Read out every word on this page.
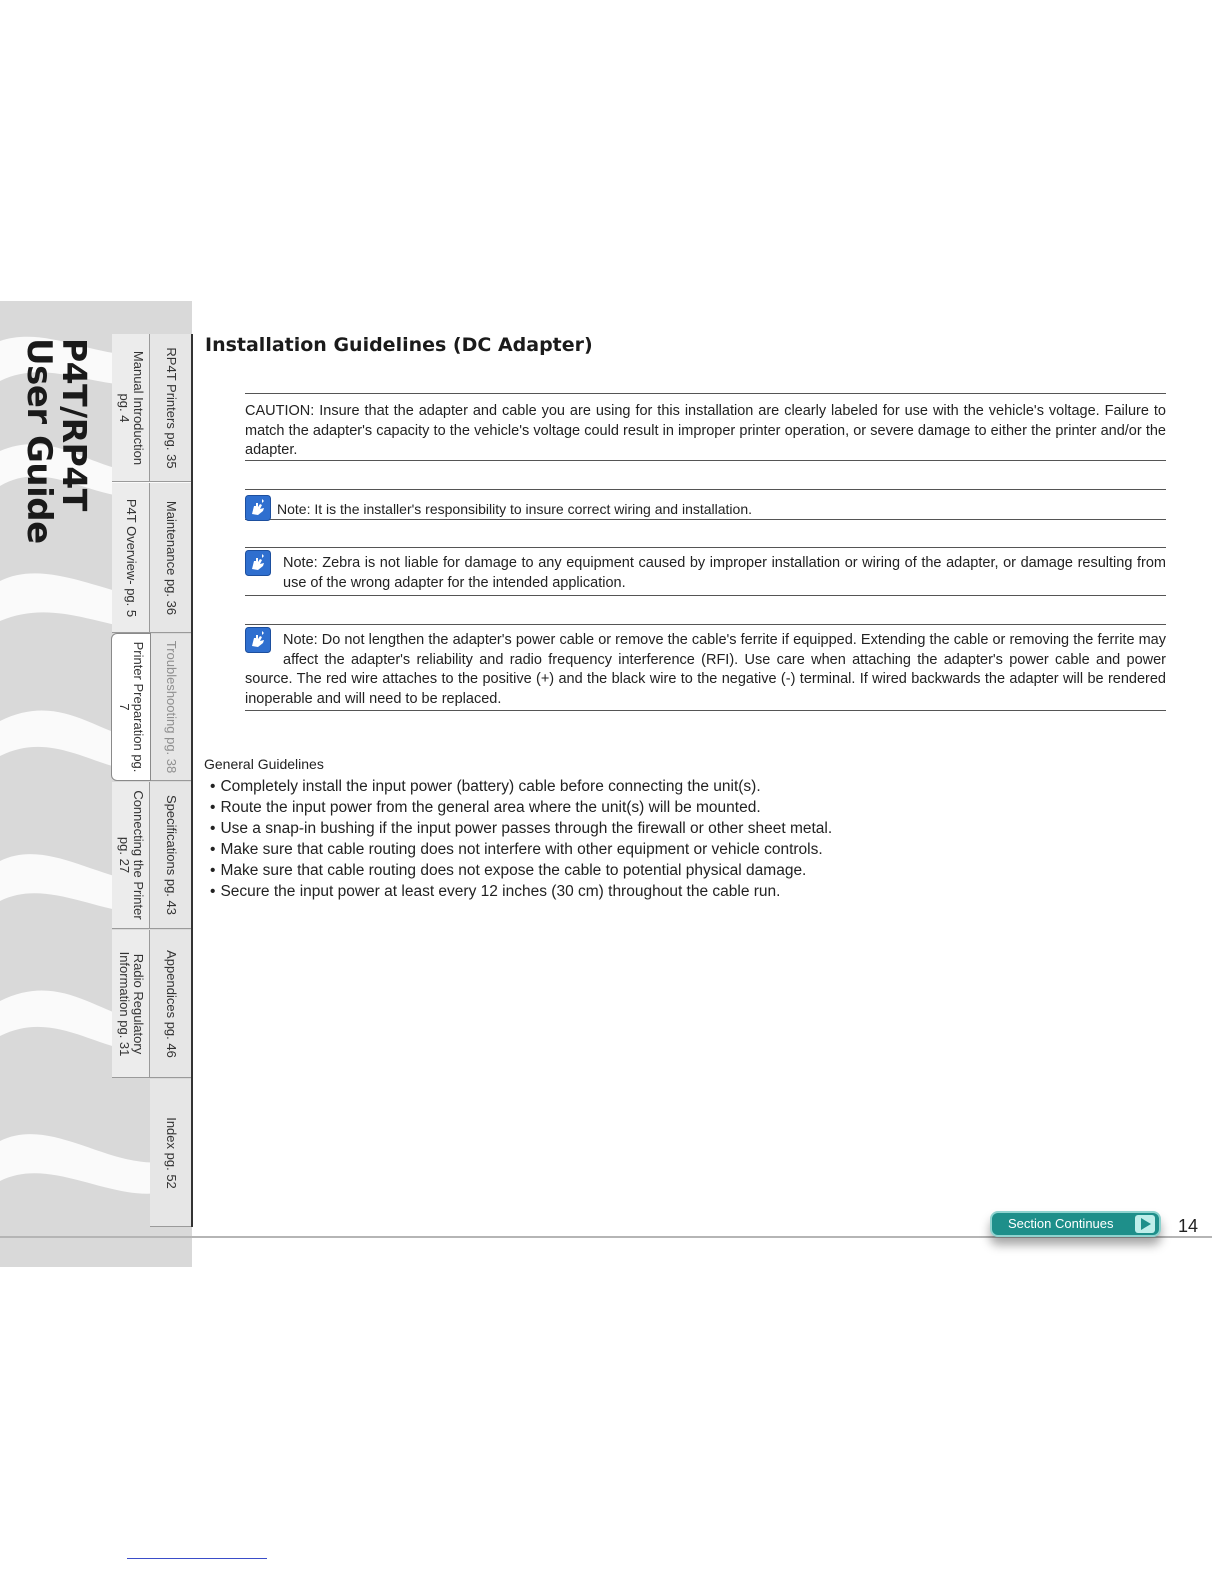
P4T/RP4T
User Guide	RP4T Printers pg. 35
Maintenance pg. 36
Troubleshooting pg. 38
Specifications pg. 43
Appendices pg. 46
Index pg. 52
Manual Introduction pg. 4
P4T Overview- pg. 5
Printer Preparation pg. 7
Connecting the Printer pg. 27
Radio Regulatory Information pg. 31
Installation Guidelines (DC Adapter)

CAUTION: Insure that the adapter and cable you are using for this installation are clearly labeled for use with the vehicle's voltage. Failure to match the adapter's capacity to the vehicle's voltage could result in improper printer operation, or severe damage to either the printer and/or the adapter.

Note: It is the installer's responsibility to insure correct wiring and installation.

Note: Zebra is not liable for damage to any equipment caused by improper installation or wiring of the adapter, or damage resulting from use of the wrong adapter for the intended application.

Note: Do not lengthen the adapter's power cable or remove the cable's ferrite if equipped. Extending the cable or removing the ferrite may affect the adapter's reliability and radio frequency interference (RFI). Use care when attaching the adapter's power cable and power source. The red wire attaches to the positive (+) and the black wire to the negative (-) terminal. If wired backwards the adapter will be rendered inoperable and will need to be replaced.

General Guidelines
• Completely install the input power (battery) cable before connecting the unit(s).
• Route the input power from the general area where the unit(s) will be mounted.
• Use a snap-in bushing if the input power passes through the firewall or other sheet metal.
• Make sure that cable routing does not interfere with other equipment or vehicle controls.
• Make sure that cable routing does not expose the cable to potential physical damage.
• Secure the input power at least every 12 inches (30 cm) throughout the cable run.
Section Continues	14
